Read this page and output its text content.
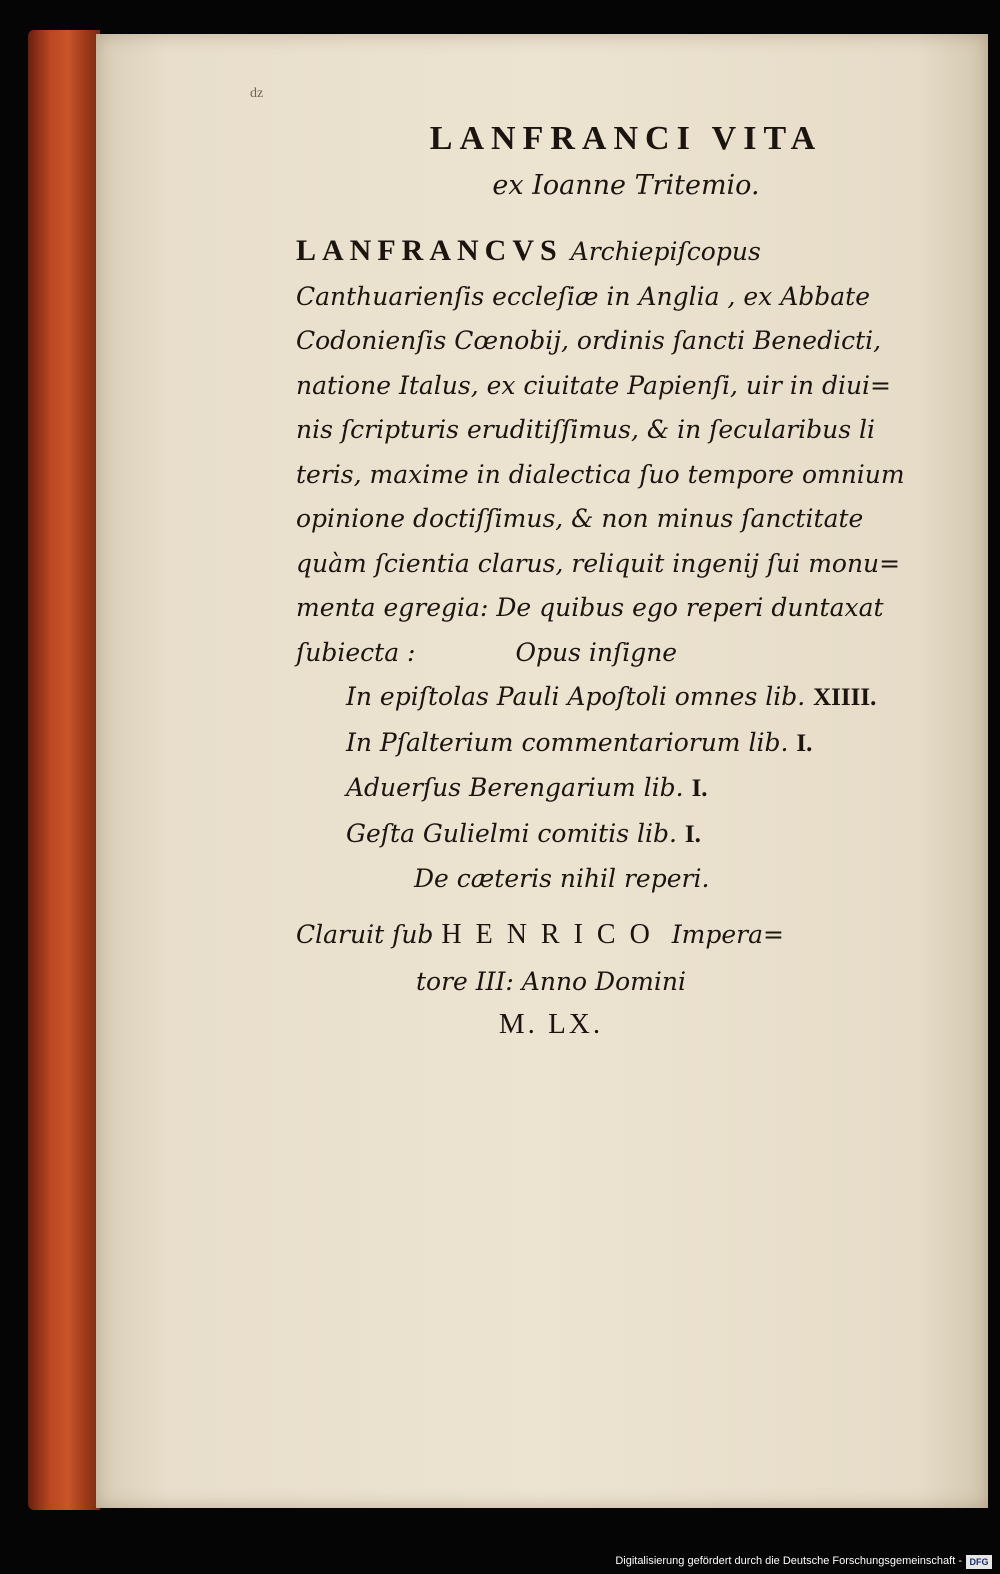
ǳ
LANFRANCI VITA
ex Ioanne Tritemio.
LANFRANCVS Archiepiſcopus
Canthuarienſis eccleſiæ in Anglia , ex Abbate
Codonienſis Cœnobij, ordinis ſancti Benedicti,
natione Italus, ex ciuitate Papienſi, uir in diui=
nis ſcripturis eruditiſſimus, & in ſecularibus li
teris, maxime in dialectica ſuo tempore omnium
opinione doctiſſimus, & non minus ſanctitate
quàm ſcientia clarus, reliquit ingenij ſui monu=
menta egregia: De quibus ego reperi duntaxat
ſubiecta :	Opus inſigne
In epiſtolas Pauli Apoſtoli omnes lib. XIIII.
In Pſalterium commentariorum lib. I.
Aduerſus Berengarium lib. I.
Geſta Gulielmi comitis lib. I.
De cæteris nihil reperi.
Claruit ſub HENRICO Impera=
tore III: Anno Domini
M. LX.
Digitalisierung gefördert durch die Deutsche Forschungsgemeinschaft - DFG
